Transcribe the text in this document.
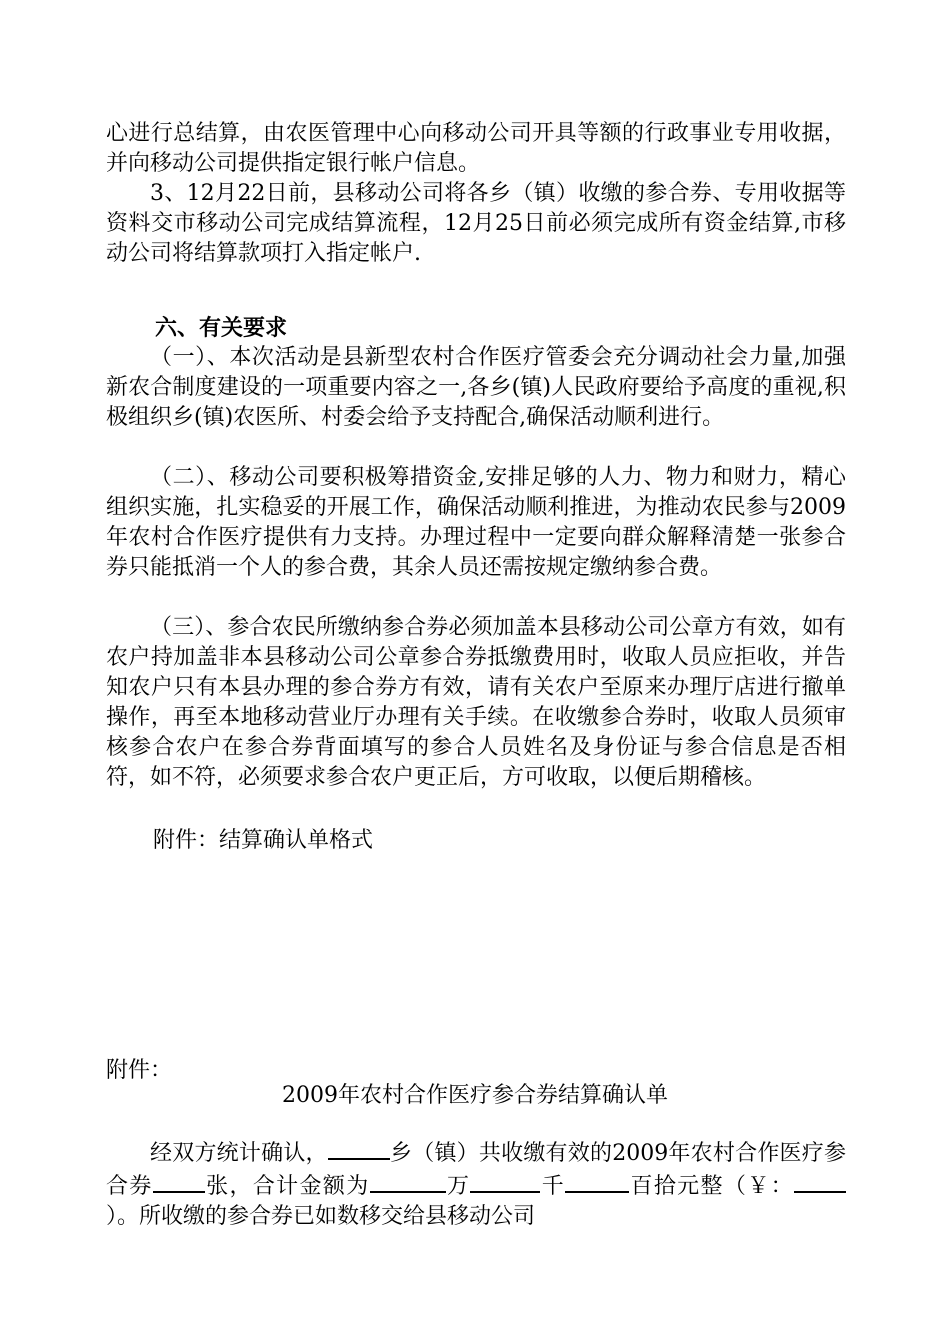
心进行总结算，由农医管理中心向移动公司开具等额的行政事业专用收据，并向移动公司提供指定银行帐户信息。

3、12月22日前，县移动公司将各乡（镇）收缴的参合券、专用收据等资料交市移动公司完成结算流程，12月25日前必须完成所有资金结算,市移动公司将结算款项打入指定帐户.

六、有关要求

（一）、本次活动是县新型农村合作医疗管委会充分调动社会力量,加强新农合制度建设的一项重要内容之一,各乡(镇)人民政府要给予高度的重视,积极组织乡(镇)农医所、村委会给予支持配合,确保活动顺利进行。

（二）、移动公司要积极筹措资金,安排足够的人力、物力和财力，精心组织实施，扎实稳妥的开展工作，确保活动顺利推进，为推动农民参与2009年农村合作医疗提供有力支持。办理过程中一定要向群众解释清楚一张参合券只能抵消一个人的参合费，其余人员还需按规定缴纳参合费。

（三）、参合农民所缴纳参合券必须加盖本县移动公司公章方有效，如有农户持加盖非本县移动公司公章参合券抵缴费用时，收取人员应拒收，并告知农户只有本县办理的参合券方有效，请有关农户至原来办理厅店进行撤单操作，再至本地移动营业厅办理有关手续。在收缴参合券时，收取人员须审核参合农户在参合券背面填写的参合人员姓名及身份证与参合信息是否相符，如不符，必须要求参合农户更正后，方可收取，以便后期稽核。

附件：结算确认单格式

附件：

2009年农村合作医疗参合券结算确认单

经双方统计确认，	乡（镇）共收缴有效的2009年农村合作医疗参合券 张，合计金额为	万	千	百拾元整（￥：）。所收缴的参合券已如数移交给县移动公司
